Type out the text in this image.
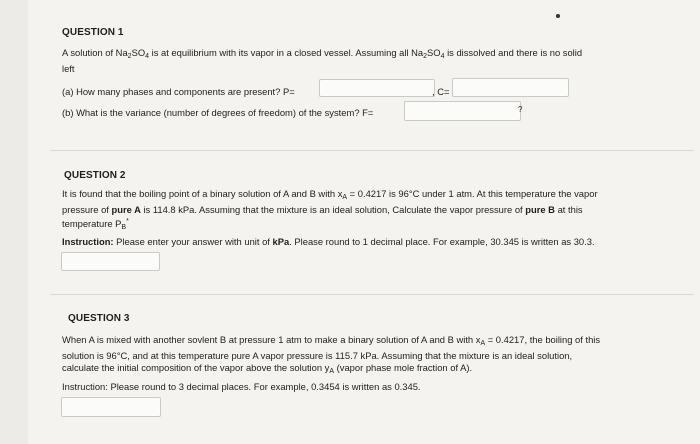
QUESTION 1
A solution of $Na_2SO_4$ is at equilibrium with its vapor in a closed vessel. Assuming all $Na_2SO_4$ is dissolved and there is no solid
left
(a) How many phases and components are present? P=	, C=
(b) What is the variance (number of degrees of freedom) of the system? F=	?
QUESTION 2
It is found that the boiling point of a binary solution of A and B with $x_A = 0.4217$ is 96°C under 1 atm. At this temperature the vapor
pressure of pure A is 114.8 kPa. Assuming that the mixture is an ideal solution, Calculate the vapor pressure of pure B at this
temperature $P_B^*$
Instruction: Please enter your answer with unit of kPa. Please round to 1 decimal place. For example, 30.345 is written as 30.3.
QUESTION 3
When A is mixed with another sovlent B at pressure 1 atm to make a binary solution of A and B with $x_A = 0.4217$, the boiling of this
solution is 96°C, and at this temperature pure A vapor pressure is 115.7 kPa. Assuming that the mixture is an ideal solution,
calculate the initial composition of the vapor above the solution $y_A$ (vapor phase mole fraction of A).
Instruction: Please round to 3 decimal places. For example, 0.3454 is written as 0.345.
